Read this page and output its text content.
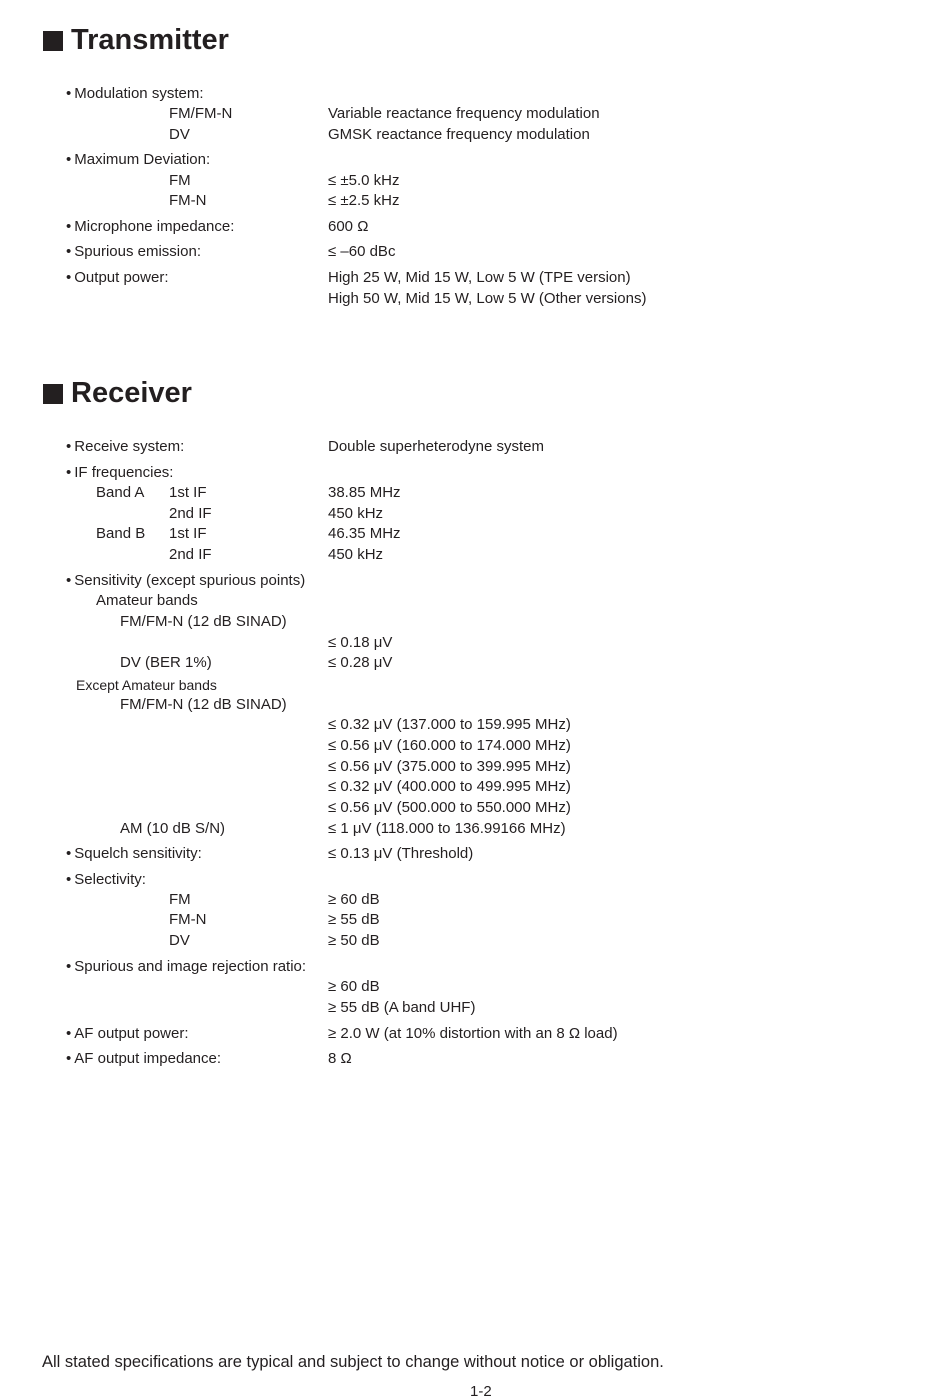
Transmitter
• Modulation system:
FM/FM-N	Variable reactance frequency modulation
DV	GMSK reactance frequency modulation
• Maximum Deviation:
FM	≤ ±5.0 kHz
FM-N	≤ ±2.5 kHz
• Microphone impedance:	600 Ω
• Spurious emission:	≤ –60 dBc
• Output power:	High 25 W, Mid 15 W, Low 5 W (TPE version)
High 50 W, Mid 15 W, Low 5 W (Other versions)
Receiver
• Receive system:	Double superheterodyne system
• IF frequencies:
Band A 1st IF	38.85 MHz
2nd IF	450 kHz
Band B 1st IF	46.35 MHz
2nd IF	450 kHz
• Sensitivity (except spurious points)
Amateur bands
FM/FM-N (12 dB SINAD)
≤ 0.18 μV
DV (BER 1%)	≤ 0.28 μV
Except Amateur bands
FM/FM-N (12 dB SINAD)
≤ 0.32 μV (137.000 to 159.995 MHz)
≤ 0.56 μV (160.000 to 174.000 MHz)
≤ 0.56 μV (375.000 to 399.995 MHz)
≤ 0.32 μV (400.000 to 499.995 MHz)
≤ 0.56 μV (500.000 to 550.000 MHz)
AM (10 dB S/N)	≤ 1 μV (118.000 to 136.99166 MHz)
• Squelch sensitivity:	≤ 0.13 μV (Threshold)
• Selectivity:
FM	≥ 60 dB
FM-N	≥ 55 dB
DV	≥ 50 dB
• Spurious and image rejection ratio:
≥ 60 dB
≥ 55 dB (A band UHF)
• AF output power:	≥ 2.0 W (at 10% distortion with an 8 Ω load)
• AF output impedance:	8 Ω
All stated specifications are typical and subject to change without notice or obligation.
1-2
